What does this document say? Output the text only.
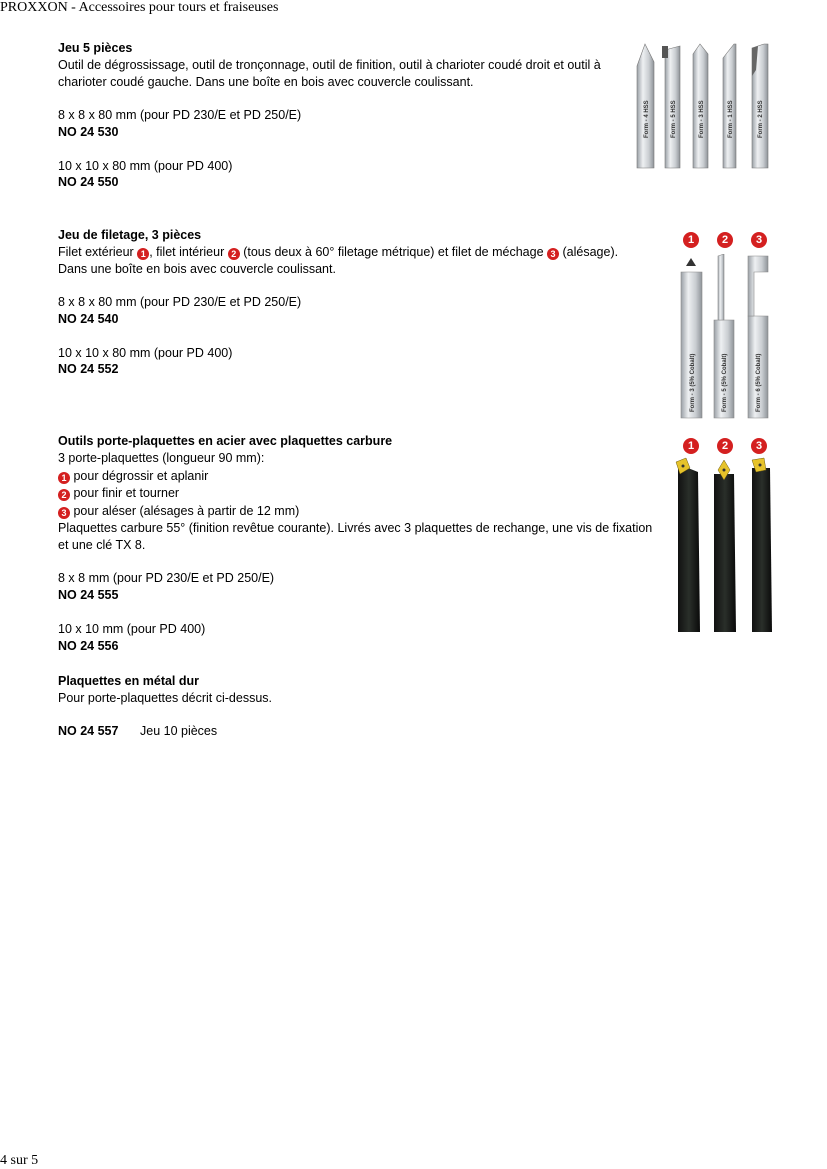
PROXXON - Accessoires pour tours et fraiseuses

Jeu 5 pièces

Outil de dégrossissage, outil de tronçonnage, outil de finition, outil à charioter coudé droit et outil à charioter coudé gauche. Dans une boîte en bois avec couvercle coulissant.

8 x 8 x 80 mm (pour PD 230/E et PD 250/E)

NO 24 530

10 x 10 x 80 mm (pour PD 400)

NO 24 550

Form - 4 HSS	Form - 5 HSS	Form - 3 HSS	Form - 1 HSS	Form - 2 HSS

Jeu de filetage, 3 pièces

Filet extérieur 1 , filet intérieur 2 (tous deux à 60° filetage métrique) et filet de méchage 3 (alésage).

Dans une boîte en bois avec couvercle coulissant.

8 x 8 x 80 mm (pour PD 230/E et PD 250/E)

NO 24 540

10 x 10 x 80 mm (pour PD 400)

NO 24 552

1	2	3
Form - 3 (5% Cobalt)	Form - 5 (5% Cobalt)	Form - 6 (5% Cobalt)

Outils porte-plaquettes en acier avec plaquettes carbure

3 porte-plaquettes (longueur 90 mm):

1 pour dégrossir et aplanir

2 pour finir et tourner

3 pour aléser (alésages à partir de 12 mm)

Plaquettes carbure 55° (finition revêtue courante). Livrés avec 3 plaquettes de rechange, une vis de fixation et une clé TX 8.

8 x 8 mm (pour PD 230/E et PD 250/E)

NO 24 555

10 x 10 mm (pour PD 400)

NO 24 556

1	2	3

Plaquettes en métal dur

Pour porte-plaquettes décrit ci-dessus.

NO 24 557	Jeu 10 pièces

4 sur 5
